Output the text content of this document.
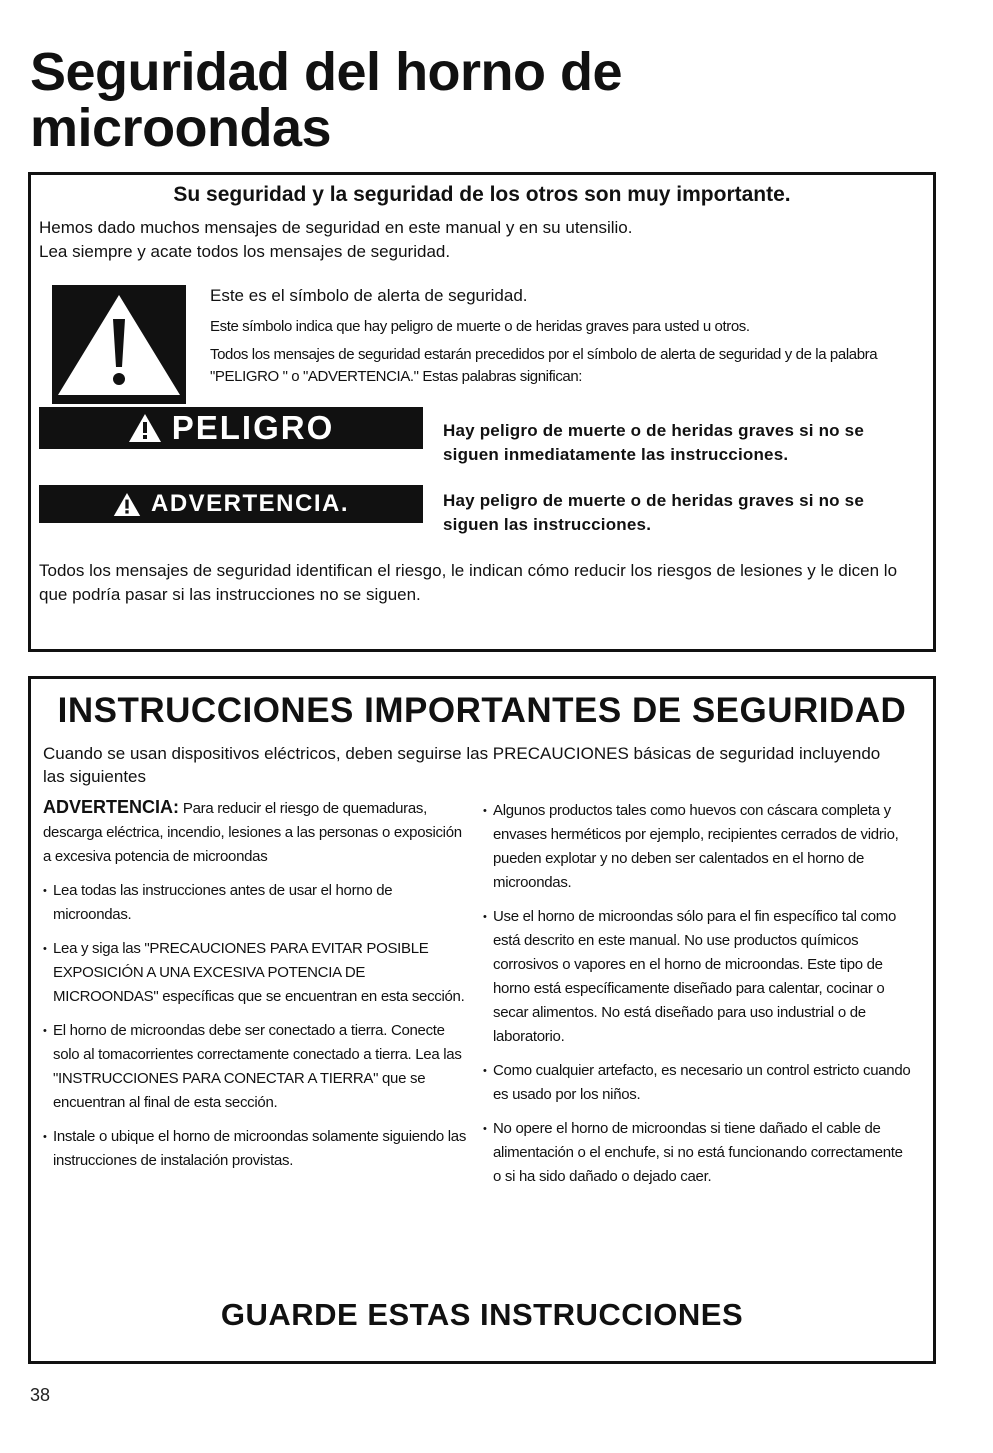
Seguridad del horno de
microondas
Su seguridad y la seguridad de los otros son muy importante.

Hemos dado muchos mensajes de seguridad en este manual y en su utensilio.
Lea siempre y acate todos los mensajes de seguridad.

Este es el símbolo de alerta de seguridad.

Este símbolo indica que hay peligro de muerte o de heridas graves para usted u otros.

Todos los mensajes de seguridad estarán precedidos por el símbolo de alerta de seguridad y de la palabra "PELIGRO " o "ADVERTENCIA." Estas palabras significan:

PELIGRO	Hay peligro de muerte o de heridas graves si no se siguen inmediatamente las instrucciones.

ADVERTENCIA.	Hay peligro de muerte o de heridas graves si no se siguen las instrucciones.

Todos los mensajes de seguridad identifican el riesgo, le indican cómo reducir los riesgos de lesiones y le dicen lo que podría pasar si las instrucciones no se siguen.

INSTRUCCIONES IMPORTANTES DE SEGURIDAD

Cuando se usan dispositivos eléctricos, deben seguirse las PRECAUCIONES básicas de seguridad incluyendo las siguientes

ADVERTENCIA: Para reducir el riesgo de quemaduras, descarga eléctrica, incendio, lesiones a las personas o exposición a excesiva potencia de microondas

• Lea todas las instrucciones antes de usar el horno de microondas.
• Lea y siga las "PRECAUCIONES PARA EVITAR POSIBLE EXPOSICIÓN A UNA EXCESIVA POTENCIA DE MICROONDAS" específicas que se encuentran en esta sección.
• El horno de microondas debe ser conectado a tierra. Conecte solo al tomacorrientes correctamente conectado a tierra. Lea las "INSTRUCCIONES PARA CONECTAR A TIERRA" que se encuentran al final de esta sección.
• Instale o ubique el horno de microondas solamente siguiendo las instrucciones de instalación provistas.
• Algunos productos tales como huevos con cáscara completa y envases herméticos por ejemplo, recipientes cerrados de vidrio, pueden explotar y no deben ser calentados en el horno de microondas.
• Use el horno de microondas sólo para el fin específico tal como está descrito en este manual. No use productos químicos corrosivos o vapores en el horno de microondas. Este tipo de horno está específicamente diseñado para calentar, cocinar o secar alimentos. No está diseñado para uso industrial o de laboratorio.
• Como cualquier artefacto, es necesario un control estricto cuando es usado por los niños.
• No opere el horno de microondas si tiene dañado el cable de alimentación o el enchufe, si no está funcionando correctamente o si ha sido dañado o dejado caer.

GUARDE ESTAS INSTRUCCIONES

38
